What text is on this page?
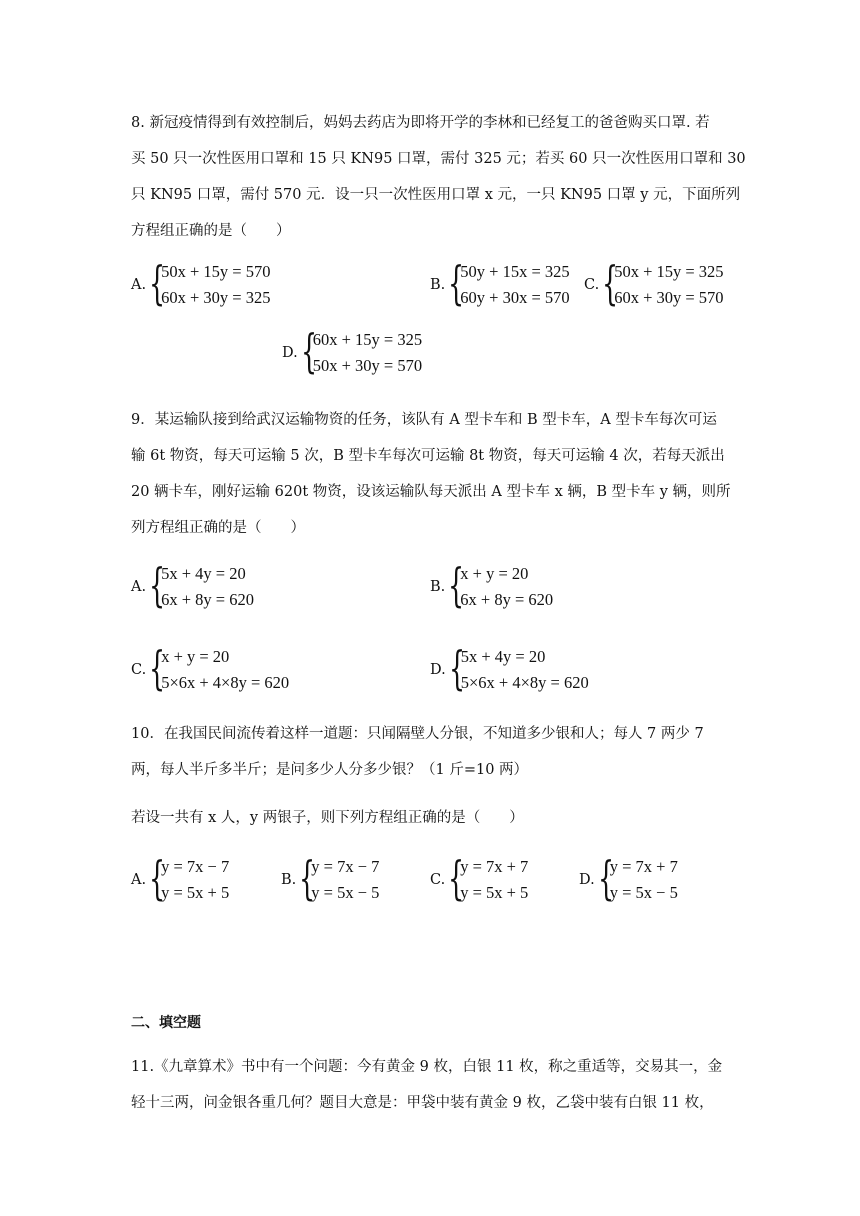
8. 新冠疫情得到有效控制后，妈妈去药店为即将开学的李林和已经复工的爸爸购买口罩. 若
买 50 只一次性医用口罩和 15 只 KN95 口罩，需付 325 元；若买 60 只一次性医用口罩和 30
只 KN95 口罩，需付 570 元．设一只一次性医用口罩 x 元，一只 KN95 口罩 y 元，下面所列
方程组正确的是（　　）
A. {
50x + 15y = 570
60x + 30y = 325
B. {
50y + 15x = 325
60y + 30x = 570
C. {
50x + 15y = 325
60x + 30y = 570
D. {
60x + 15y = 325
50x + 30y = 570
9．某运输队接到给武汉运输物资的任务，该队有 A 型卡车和 B 型卡车，A 型卡车每次可运
输 6t 物资，每天可运输 5 次，B 型卡车每次可运输 8t 物资，每天可运输 4 次，若每天派出
20 辆卡车，刚好运输 620t 物资，设该运输队每天派出 A 型卡车 x 辆，B 型卡车 y 辆，则所
列方程组正确的是（　　）
A. {
5x + 4y = 20
6x + 8y = 620
B. {
x + y = 20
6x + 8y = 620
C. {
x + y = 20
5×6x + 4×8y = 620
D. {
5x + 4y = 20
5×6x + 4×8y = 620
10．在我国民间流传着这样一道题：只闻隔壁人分银，不知道多少银和人；每人 7 两少 7
两，每人半斤多半斤；是问多少人分多少银？（1 斤=10 两）
若设一共有 x 人，y 两银子，则下列方程组正确的是（　　）
A. {
y = 7x − 7
y = 5x + 5
B. {
y = 7x − 7
y = 5x − 5
C. {
y = 7x + 7
y = 5x + 5
D. {
y = 7x + 7
y = 5x − 5
二、填空题
11.《九章算术》书中有一个问题：今有黄金 9 枚，白银 11 枚，称之重适等，交易其一，金
轻十三两，问金银各重几何？题目大意是：甲袋中装有黄金 9 枚，乙袋中装有白银 11 枚，
